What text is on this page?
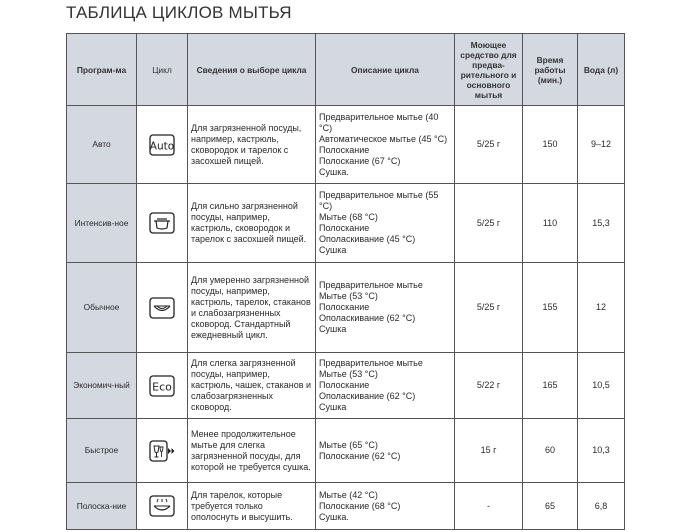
ТАБЛИЦА ЦИКЛОВ МЫТЬЯ
Програм-ма	Цикл	Сведения о выборе цикла	Описание цикла	Моющее средство для предва-рительного и основного мытья	Время работы (мин.)	Вода (л)
Авто	Auto	Для загрязненной посуды, например, кастрюль, сковородок и тарелок с засохшей пищей.	Предварительное мытье (40 °C)
Автоматическое мытье (45 °C)
Полоскание
Полоскание (67 °C)
Сушка.	5/25 г	150	9–12
Интенсив-ное		Для сильно загрязненной посуды, например, кастрюль, сковородок и тарелок с засохшей пищей.	Предварительное мытье (55 °C)
Мытье (68 °C)
Полоскание
Ополаскивание (45 °C)
Сушка	5/25 г	110	15,3
Обычное		Для умеренно загрязненной посуды, например, кастрюль, тарелок, стаканов и слабозагрязненных сковород. Стандартный ежедневный цикл.	Предварительное мытье
Мытье (53 °C)
Полоскание
Ополаскивание (62 °C)
Сушка	5/25 г	155	12
Экономич-ный	Eco	Для слегка загрязненной посуды, например, кастрюль, чашек, стаканов и слабозагрязненных сковород.	Предварительное мытье
Мытье (53 °C)
Полоскание
Ополаскивание (62 °C)
Сушка	5/22 г	165	10,5
Быстрое		Менее продолжительное мытье для слегка загрязненной посуды, для которой не требуется сушка.	Мытье (65 °C)
Полоскание (62 °C)	15 г	60	10,3
Полоска-ние		Для тарелок, которые требуется только ополоснуть и высушить.	Мытье (42 °C)
Полоскание (68 °C)
Сушка.	-	65	6,8
